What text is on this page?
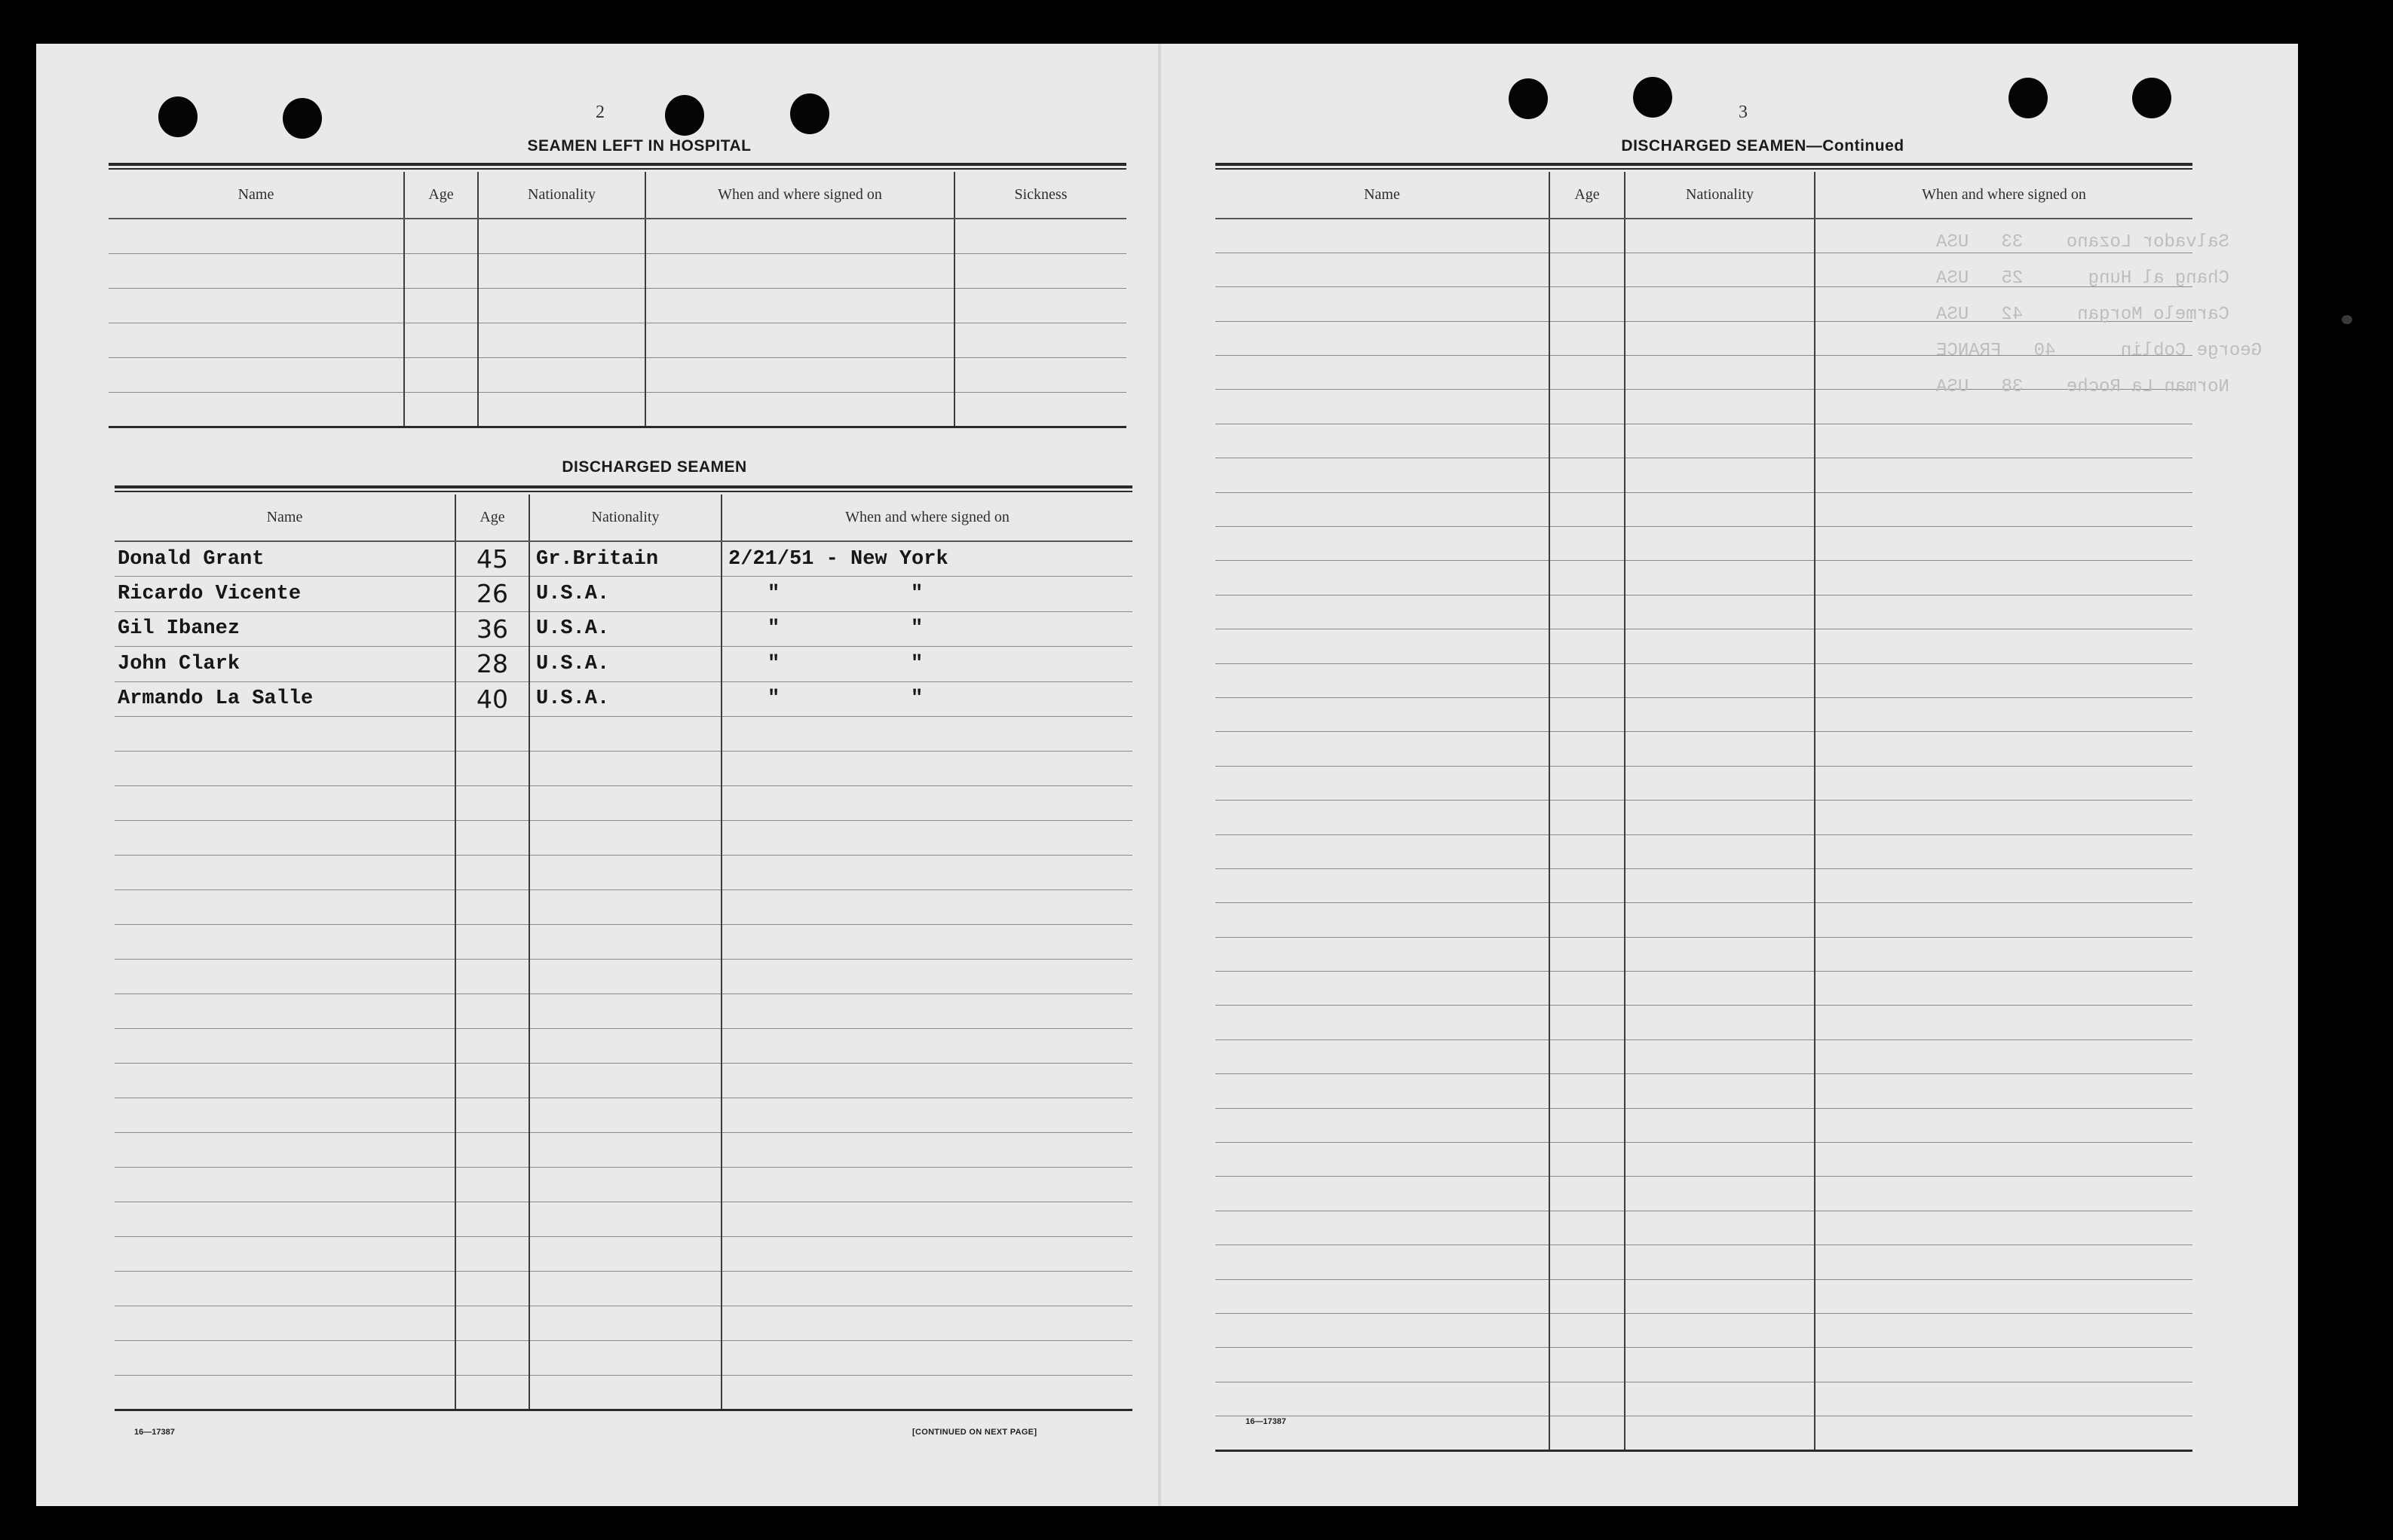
2
SEAMEN LEFT IN HOSPITAL
Name	Age	Nationality	When and where signed on	Sickness

DISCHARGED SEAMEN
Name	Age	Nationality	When and where signed on
Donald Grant	45	Gr.Britain	2/21/51 - New York
Ricardo Vicente	26	U.S.A.	" "
Gil Ibanez	36	U.S.A.	" "
John Clark	28	U.S.A.	" "
Armando La Salle	40	U.S.A.	" "

16—17387	[CONTINUED ON NEXT PAGE]
3
DISCHARGED SEAMEN—Continued
Name	Age	Nationality	When and where signed on

Salvador Lozano    33   USA
Chang al Hung      25   USA
Carmelo Morgan     42   USA
George Coblin      40   FRANCE
Norman La Roche    38   USA
16—17387
